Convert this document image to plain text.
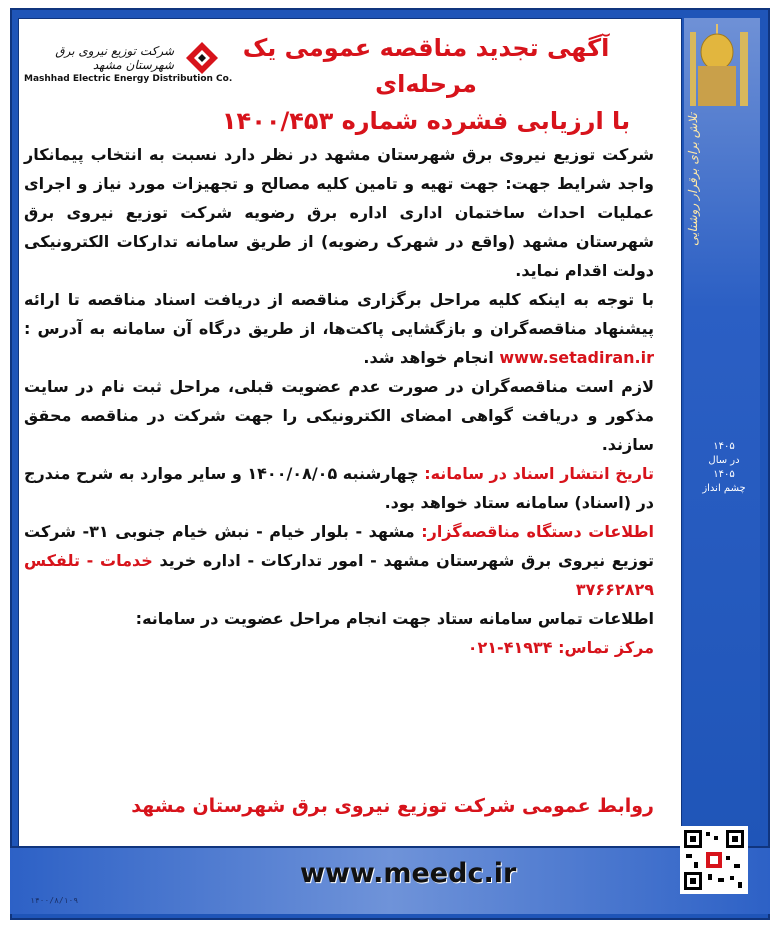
تلاش برای برقرار روشنایی
۱۴۰۵
در سال
۱۴۰۵
چشم انداز
شرکت توزیع نیروی برق شهرستان مشهد
Mashhad Electric Energy Distribution Co.
آگهی تجدید مناقصه عمومی یک مرحله‌ای
با ارزیابی فشرده شماره ۱۴۰۰/۴۵۳

شرکت توزیع نیروی برق شهرستان مشهد در نظر دارد نسبت به انتخاب پیمانکار واجد شرایط جهت: جهت تهیه و تامین کلیه مصالح و تجهیزات مورد نیاز و اجرای عملیات احداث ساختمان اداری اداره برق رضویه شرکت توزیع نیروی برق شهرستان مشهد (واقع در شهرک رضویه) از طریق سامانه تدارکات الکترونیکی دولت اقدام نماید.

با توجه به اینکه کلیه مراحل برگزاری مناقصه از دریافت اسناد مناقصه تا ارائه پیشنهاد مناقصه‌گران و بازگشایی پاکت‌ها، از طریق درگاه آن سامانه به آدرس : www.setadiran.ir انجام خواهد شد.

لازم است مناقصه‌گران در صورت عدم عضویت قبلی، مراحل ثبت نام در سایت مذکور و دریافت گواهی امضای الکترونیکی را جهت شرکت در مناقصه محقق سازند.

تاریخ انتشار اسناد در سامانه: چهارشنبه ۱۴۰۰/۰۸/۰۵ و سایر موارد به شرح مندرج در (اسناد) سامانه ستاد خواهد بود.

اطلاعات دستگاه مناقصه‌گزار: مشهد - بلوار خیام - نبش خیام جنوبی ۳۱- شرکت توزیع نیروی برق شهرستان مشهد - امور تدارکات - اداره خرید خدمات - تلفکس ۳۷۶۶۲۸۲۹

اطلاعات تماس سامانه ستاد جهت انجام مراحل عضویت در سامانه:

مرکز تماس: ۴۱۹۳۴-۰۲۱

روابط عمومی شرکت توزیع نیروی برق شهرستان مشهد
www.meedc.ir
۱۴۰۰/۸/۱۰۹
